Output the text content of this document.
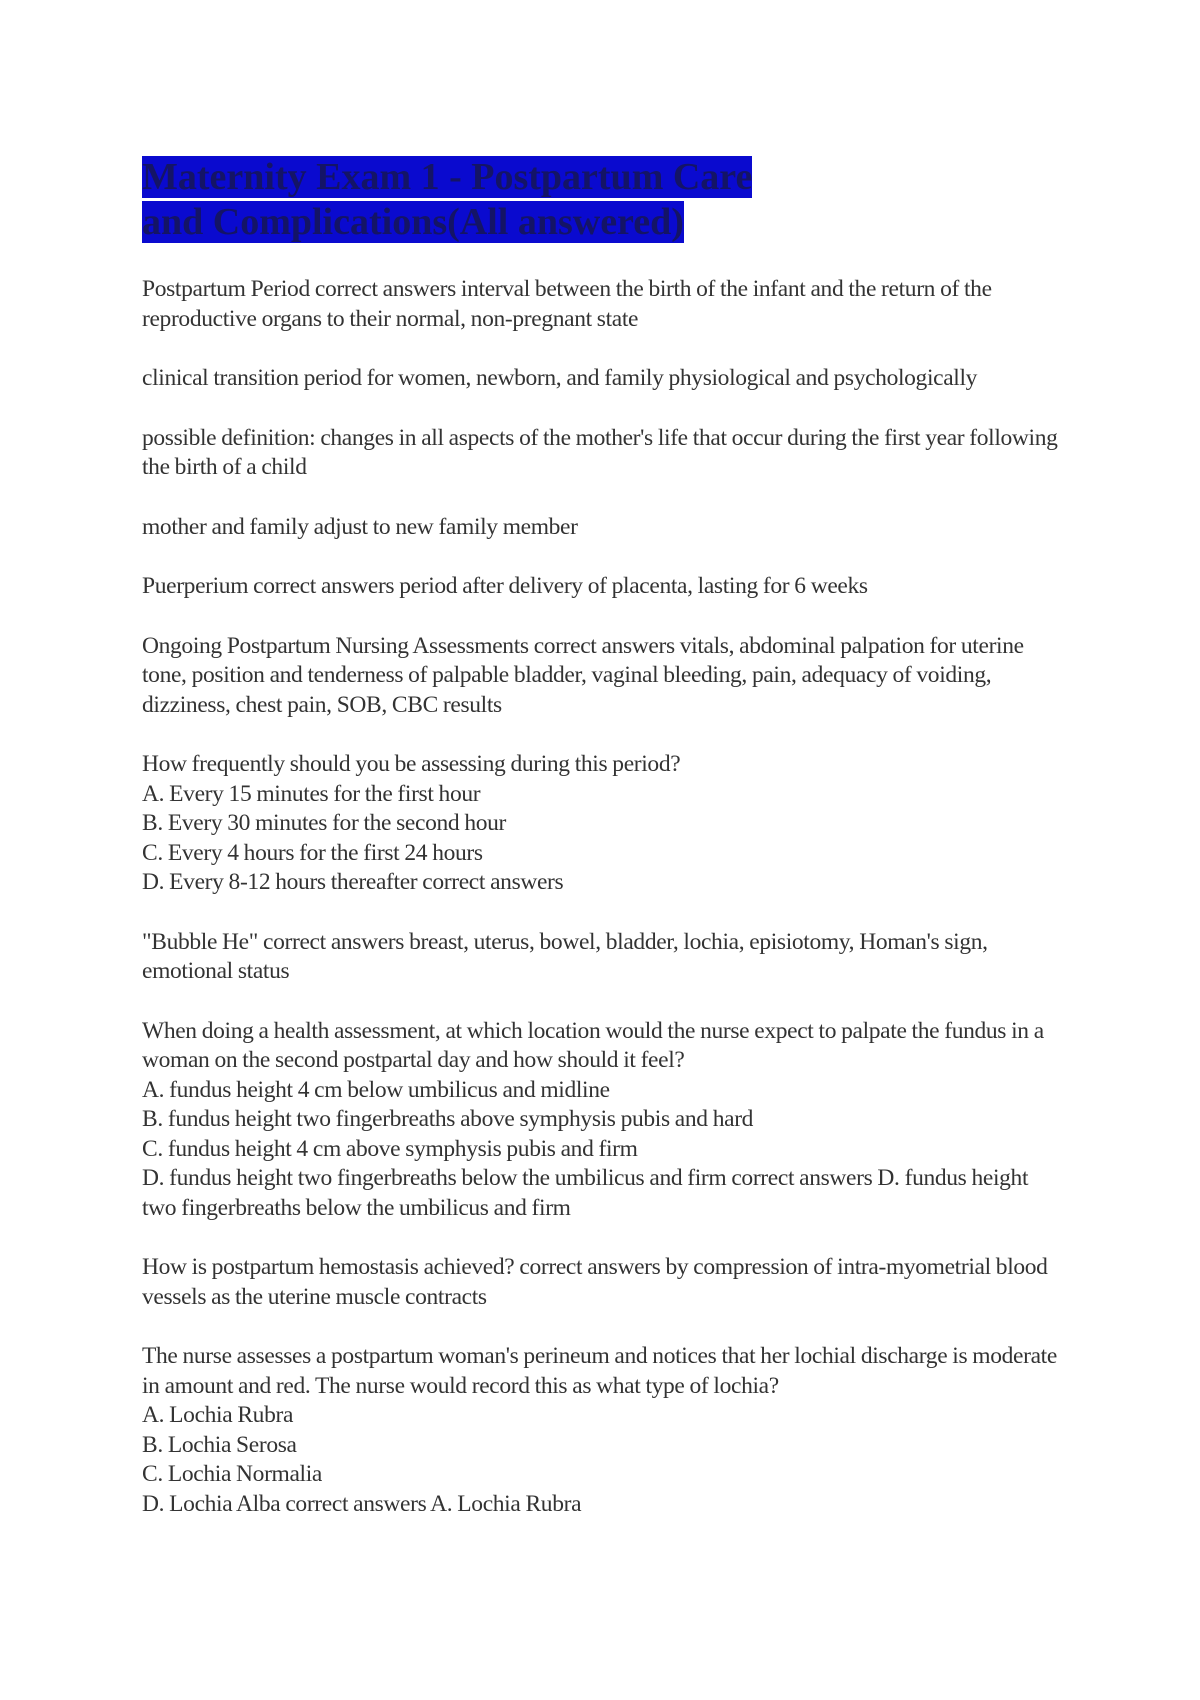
Maternity Exam 1 - Postpartum Care and Complications(All answered)

Postpartum Period correct answers interval between the birth of the infant and the return of the reproductive organs to their normal, non-pregnant state

clinical transition period for women, newborn, and family physiological and psychologically

possible definition: changes in all aspects of the mother's life that occur during the first year following the birth of a child

mother and family adjust to new family member

Puerperium correct answers period after delivery of placenta, lasting for 6 weeks

Ongoing Postpartum Nursing Assessments correct answers vitals, abdominal palpation for uterine tone, position and tenderness of palpable bladder, vaginal bleeding, pain, adequacy of voiding, dizziness, chest pain, SOB, CBC results

How frequently should you be assessing during this period?
A. Every 15 minutes for the first hour
B. Every 30 minutes for the second hour
C. Every 4 hours for the first 24 hours
D. Every 8-12 hours thereafter correct answers

"Bubble He" correct answers breast, uterus, bowel, bladder, lochia, episiotomy, Homan's sign, emotional status

When doing a health assessment, at which location would the nurse expect to palpate the fundus in a woman on the second postpartal day and how should it feel?
A. fundus height 4 cm below umbilicus and midline
B. fundus height two fingerbreaths above symphysis pubis and hard
C. fundus height 4 cm above symphysis pubis and firm
D. fundus height two fingerbreaths below the umbilicus and firm correct answers D. fundus height two fingerbreaths below the umbilicus and firm

How is postpartum hemostasis achieved? correct answers by compression of intra-myometrial blood vessels as the uterine muscle contracts

The nurse assesses a postpartum woman's perineum and notices that her lochial discharge is moderate in amount and red. The nurse would record this as what type of lochia?
A. Lochia Rubra
B. Lochia Serosa
C. Lochia Normalia
D. Lochia Alba correct answers A. Lochia Rubra
